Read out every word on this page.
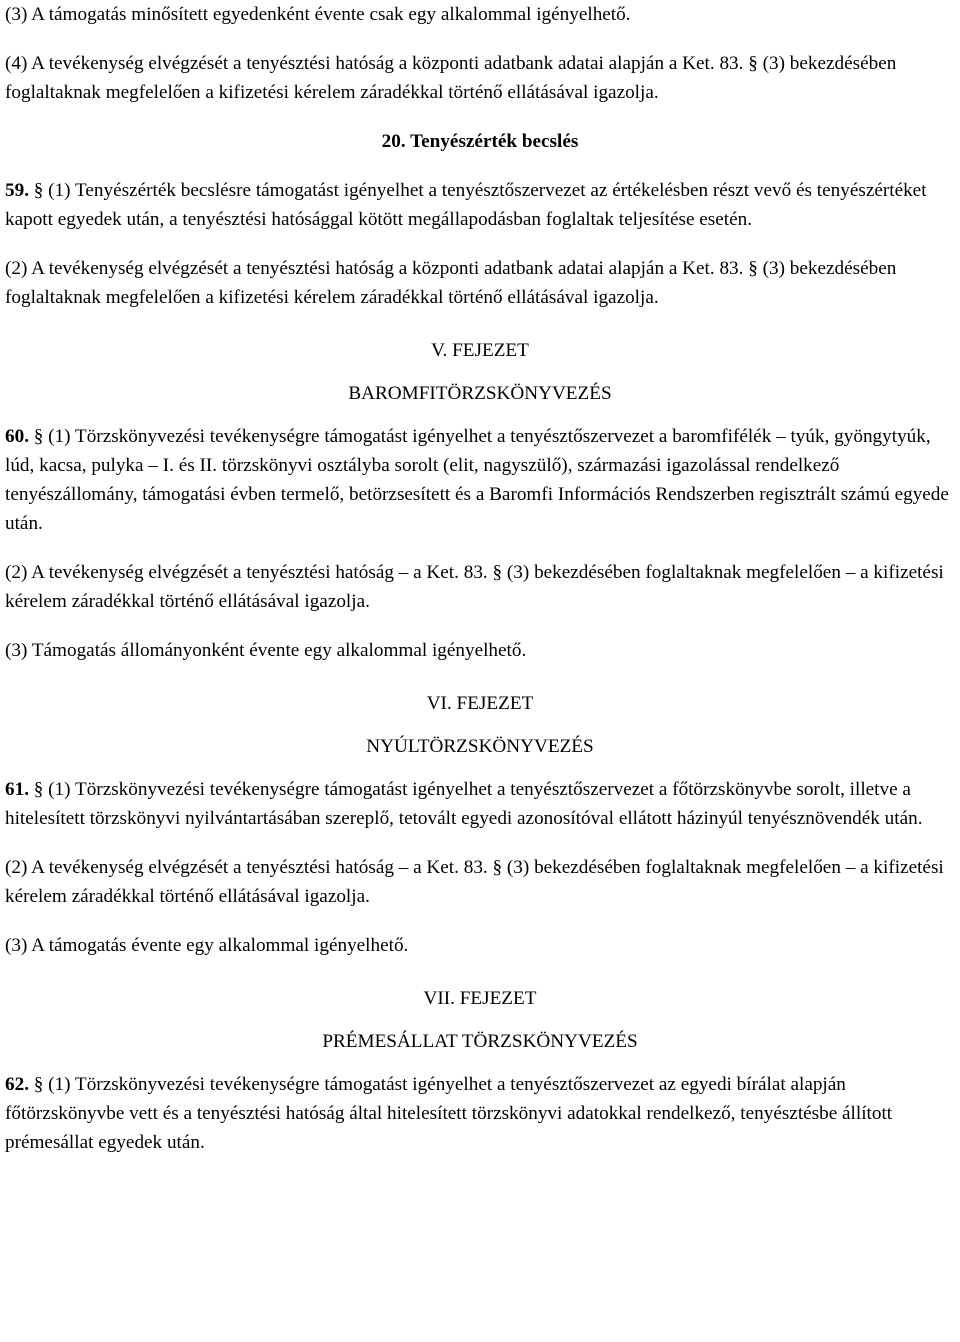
(3) A támogatás minősített egyedenként évente csak egy alkalommal igényelhető.

(4) A tevékenység elvégzését a tenyésztési hatóság a központi adatbank adatai alapján a Ket. 83. § (3) bekezdésében foglaltaknak megfelelően a kifizetési kérelem záradékkal történő ellátásával igazolja.

20. Tenyészérték becslés

59. § (1) Tenyészérték becslésre támogatást igényelhet a tenyésztőszervezet az értékelésben részt vevő és tenyészértéket kapott egyedek után, a tenyésztési hatósággal kötött megállapodásban foglaltak teljesítése esetén.

(2) A tevékenység elvégzését a tenyésztési hatóság a központi adatbank adatai alapján a Ket. 83. § (3) bekezdésében foglaltaknak megfelelően a kifizetési kérelem záradékkal történő ellátásával igazolja.

V. FEJEZET

BAROMFITÖRZSKÖNYVEZÉS

60. § (1) Törzskönyvezési tevékenységre támogatást igényelhet a tenyésztőszervezet a baromfifélék – tyúk, gyöngytyúk, lúd, kacsa, pulyka – I. és II. törzskönyvi osztályba sorolt (elit, nagyszülő), származási igazolással rendelkező tenyészállomány, támogatási évben termelő, betörzsesített és a Baromfi Információs Rendszerben regisztrált számú egyede után.

(2) A tevékenység elvégzését a tenyésztési hatóság – a Ket. 83. § (3) bekezdésében foglaltaknak megfelelően – a kifizetési kérelem záradékkal történő ellátásával igazolja.

(3) Támogatás állományonként évente egy alkalommal igényelhető.

VI. FEJEZET

NYÚLTÖRZSKÖNYVEZÉS

61. § (1) Törzskönyvezési tevékenységre támogatást igényelhet a tenyésztőszervezet a főtörzskönyvbe sorolt, illetve a hitelesített törzskönyvi nyilvántartásában szereplő, tetovált egyedi azonosítóval ellátott házinyúl tenyésznövendék után.

(2) A tevékenység elvégzését a tenyésztési hatóság – a Ket. 83. § (3) bekezdésében foglaltaknak megfelelően – a kifizetési kérelem záradékkal történő ellátásával igazolja.

(3) A támogatás évente egy alkalommal igényelhető.

VII. FEJEZET

PRÉMESÁLLAT TÖRZSKÖNYVEZÉS

62. § (1) Törzskönyvezési tevékenységre támogatást igényelhet a tenyésztőszervezet az egyedi bírálat alapján főtörzskönyvbe vett és a tenyésztési hatóság által hitelesített törzskönyvi adatokkal rendelkező, tenyésztésbe állított prémesállat egyedek után.
